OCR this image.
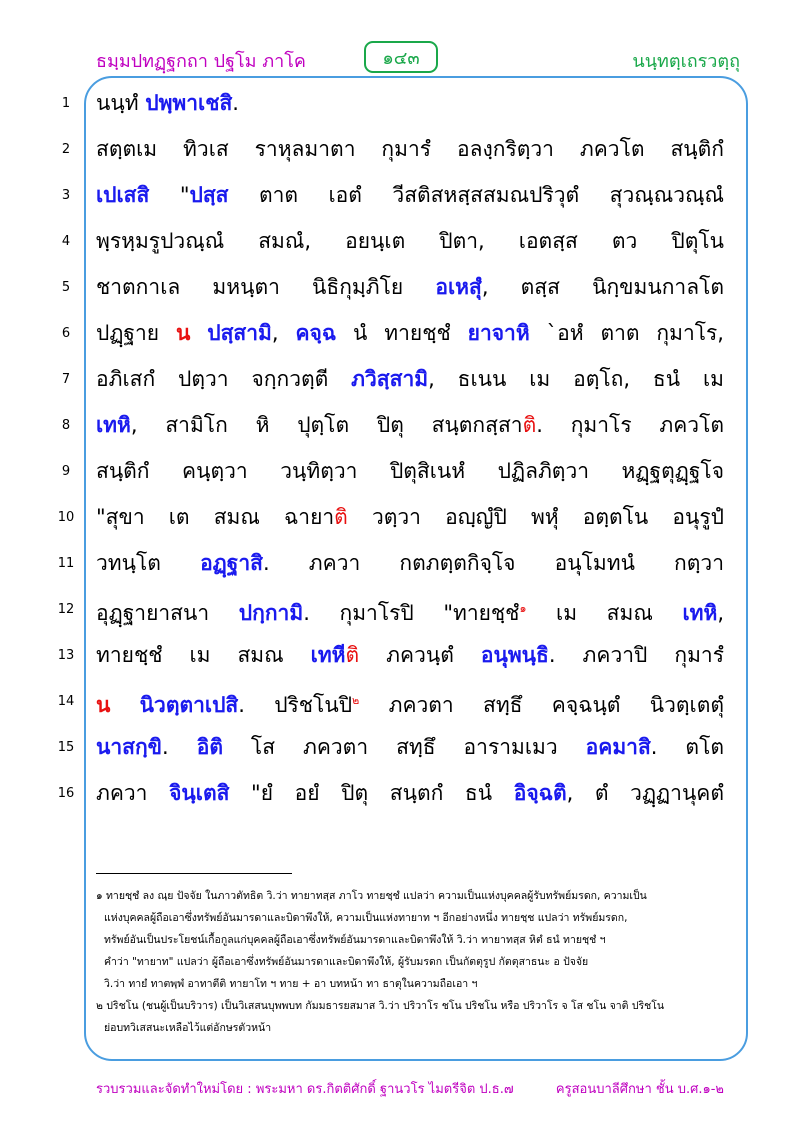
ธมฺมปทฏฺฐกถา ปฐโม ภาโค	๑๔๓	นนฺทตฺเถรวตฺถุ
1	นนฺทํ ปพฺพาเชสิ.
2	สตฺตเม ทิวเส ราหุลมาตา กุมารํ อลงฺกริตฺวา ภควโต สนฺติกํ
3	เปเสสิ "ปสฺส ตาต เอตํ วีสติสหสฺสสมณปริวุตํ สุวณฺณวณฺณํ
4	พฺรหฺมรูปวณฺณํ สมณํ, อยนฺเต ปิตา, เอตสฺส ตว ปิตุโน
5	ชาตกาเล มหนฺตา นิธิกุมฺภิโย อเหสุํ, ตสฺส นิกฺขมนกาลโต
6	ปฏฺฐาย น ปสฺสามิ, คจฺฉ นํ ทายชฺชํ ยาจาหิ `อหํ ตาต กุมาโร,
7	อภิเสกํ ปตฺวา จกฺกวตฺตี ภวิสฺสามิ, ธเนน เม อตฺโถ, ธนํ เม
8	เทหิ, สามิโก หิ ปุตฺโต ปิตุ สนฺตกสฺสาติ. กุมาโร ภควโต
9	สนฺติกํ คนฺตฺวา วนฺทิตฺวา ปิตุสิเนหํ ปฏิลภิตฺวา หฏฺฐตุฏฺฐโจ
10 "สุขา เต สมณ ฉายาติ วตฺวา อญฺญํปิ พหุํ อตฺตโน อนุรูปํ
11 วทนฺโต อฏฺฐาสิ. ภควา กตภตฺตกิจฺโจ อนุโมทนํ กตฺวา
12 อุฏฺฐายาสนา ปกฺกามิ. กุมาโรปิ "ทายชฺชํ$^๑$ เม สมณ เทหิ,
13 ทายชฺชํ เม สมณ เทหีติ ภควนฺตํ อนุพนฺธิ. ภควาปิ กุมารํ
14 น นิวตฺตาเปสิ. ปริชโนปิ$^๒$ ภควตา สทฺธึ คจฺฉนฺตํ นิวตฺเตตุํ
15 นาสกฺขิ. อิติ โส ภควตา สทฺธึ อารามเมว อคมาสิ. ตโต
16 ภควา จินฺเตสิ "ยํ อยํ ปิตุ สนฺตกํ ธนํ อิจฺฉติ, ตํ วฏฺฏานุคตํ
๑ ทายชฺชํ ลง ณฺย ปัจจัย ในภาวตัทธิต วิ.ว่า ทายาทสฺส ภาโว ทายชฺชํ แปลว่า ความเป็นแห่งบุคคลผู้รับทรัพย์มรดก, ความเป็น
แห่งบุคคลผู้ถือเอาซึ่งทรัพย์อันมารดาและบิดาพึงให้, ความเป็นแห่งทายาท ฯ อีกอย่างหนึ่ง ทายชฺช แปลว่า ทรัพย์มรดก,
ทรัพย์อันเป็นประโยชน์เกื้อกูลแก่บุคคลผู้ถือเอาซึ่งทรัพย์อันมารดาและบิดาพึงให้ วิ.ว่า ทายาทสฺส หิตํ ธนํ ทายชฺชํ ฯ
คำว่า "ทายาท" แปลว่า ผู้ถือเอาซึ่งทรัพย์อันมารดาและบิดาพึงให้, ผู้รับมรดก เป็นกัตตุรูป กัตตุสาธนะ อ ปัจจัย
วิ.ว่า ทายํ ทาตพฺพํ อาทาตีติ ทายาโท ฯ ทาย + อา บทหน้า ทา ธาตุในความถือเอา ฯ
๒ ปริชโน (ชนผู้เป็นบริวาร) เป็นวิเสสนบุพพบท กัมมธารยสมาส วิ.ว่า ปริวาโร ชโน ปริชโน หรือ ปริวาโร จ โส ชโน จาติ ปริชโน
ย่อบทวิเสสนะเหลือไว้แต่อักษรตัวหน้า
รวบรวมและจัดทำใหม่โดย : พระมหา ดร.กิตติศักดิ์ ฐานวโร ไมตรีจิต ป.ธ.๗	ครูสอนบาลีศึกษา ชั้น บ.ศ.๑-๒
